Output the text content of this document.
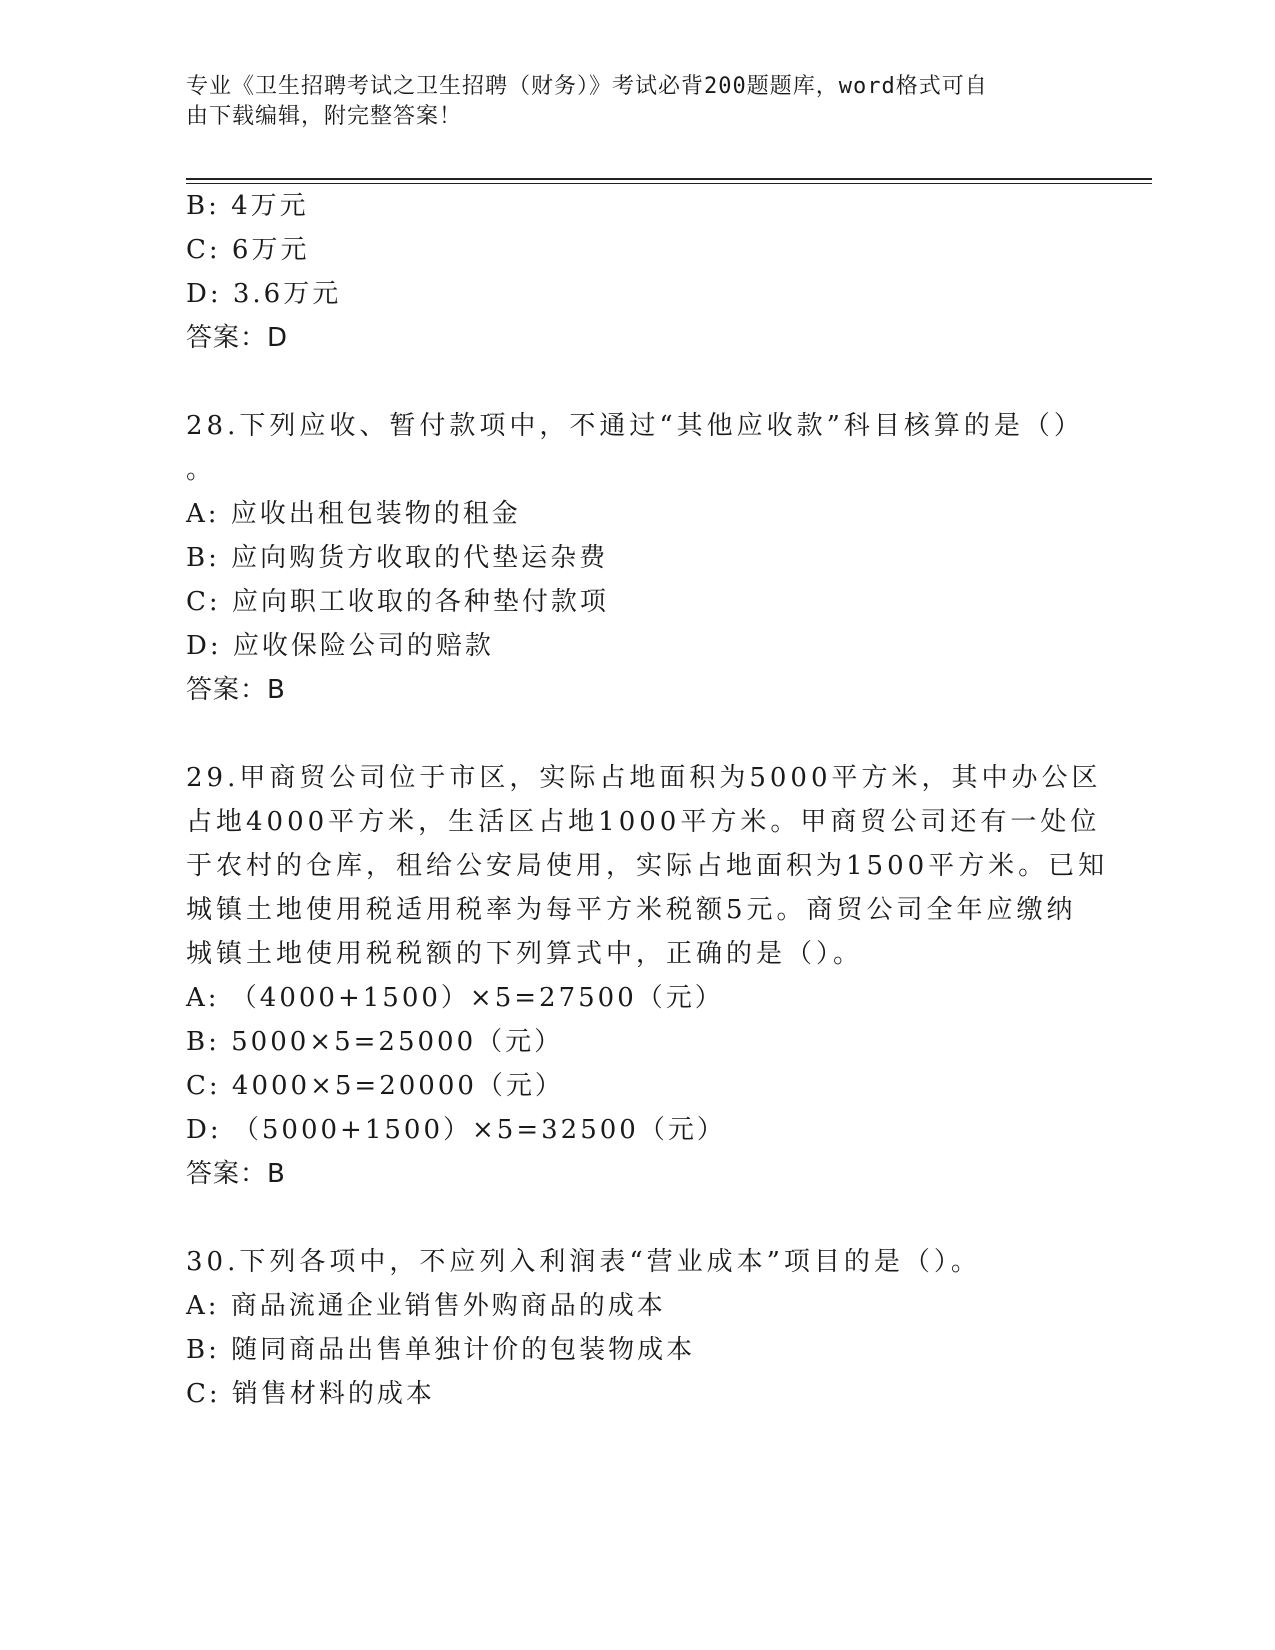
专业《卫生招聘考试之卫生招聘（财务）》考试必背200题题库，word格式可自
由下载编辑，附完整答案！
B: 4万元
C: 6万元
D: 3.6万元
答案：D
28.下列应收、暂付款项中，不通过“其他应收款”科目核算的是（）
。
A: 应收出租包装物的租金
B: 应向购货方收取的代垫运杂费
C: 应向职工收取的各种垫付款项
D: 应收保险公司的赔款
答案：B
29.甲商贸公司位于市区，实际占地面积为5000平方米，其中办公区
占地4000平方米，生活区占地1000平方米。甲商贸公司还有一处位
于农村的仓库，租给公安局使用，实际占地面积为1500平方米。已知
城镇土地使用税适用税率为每平方米税额5元。商贸公司全年应缴纳
城镇土地使用税税额的下列算式中，正确的是（）。
A: （4000+1500）×5=27500（元）
B: 5000×5=25000（元）
C: 4000×5=20000（元）
D: （5000+1500）×5=32500（元）
答案：B
30.下列各项中，不应列入利润表“营业成本”项目的是（）。
A: 商品流通企业销售外购商品的成本
B: 随同商品出售单独计价的包装物成本
C: 销售材料的成本
